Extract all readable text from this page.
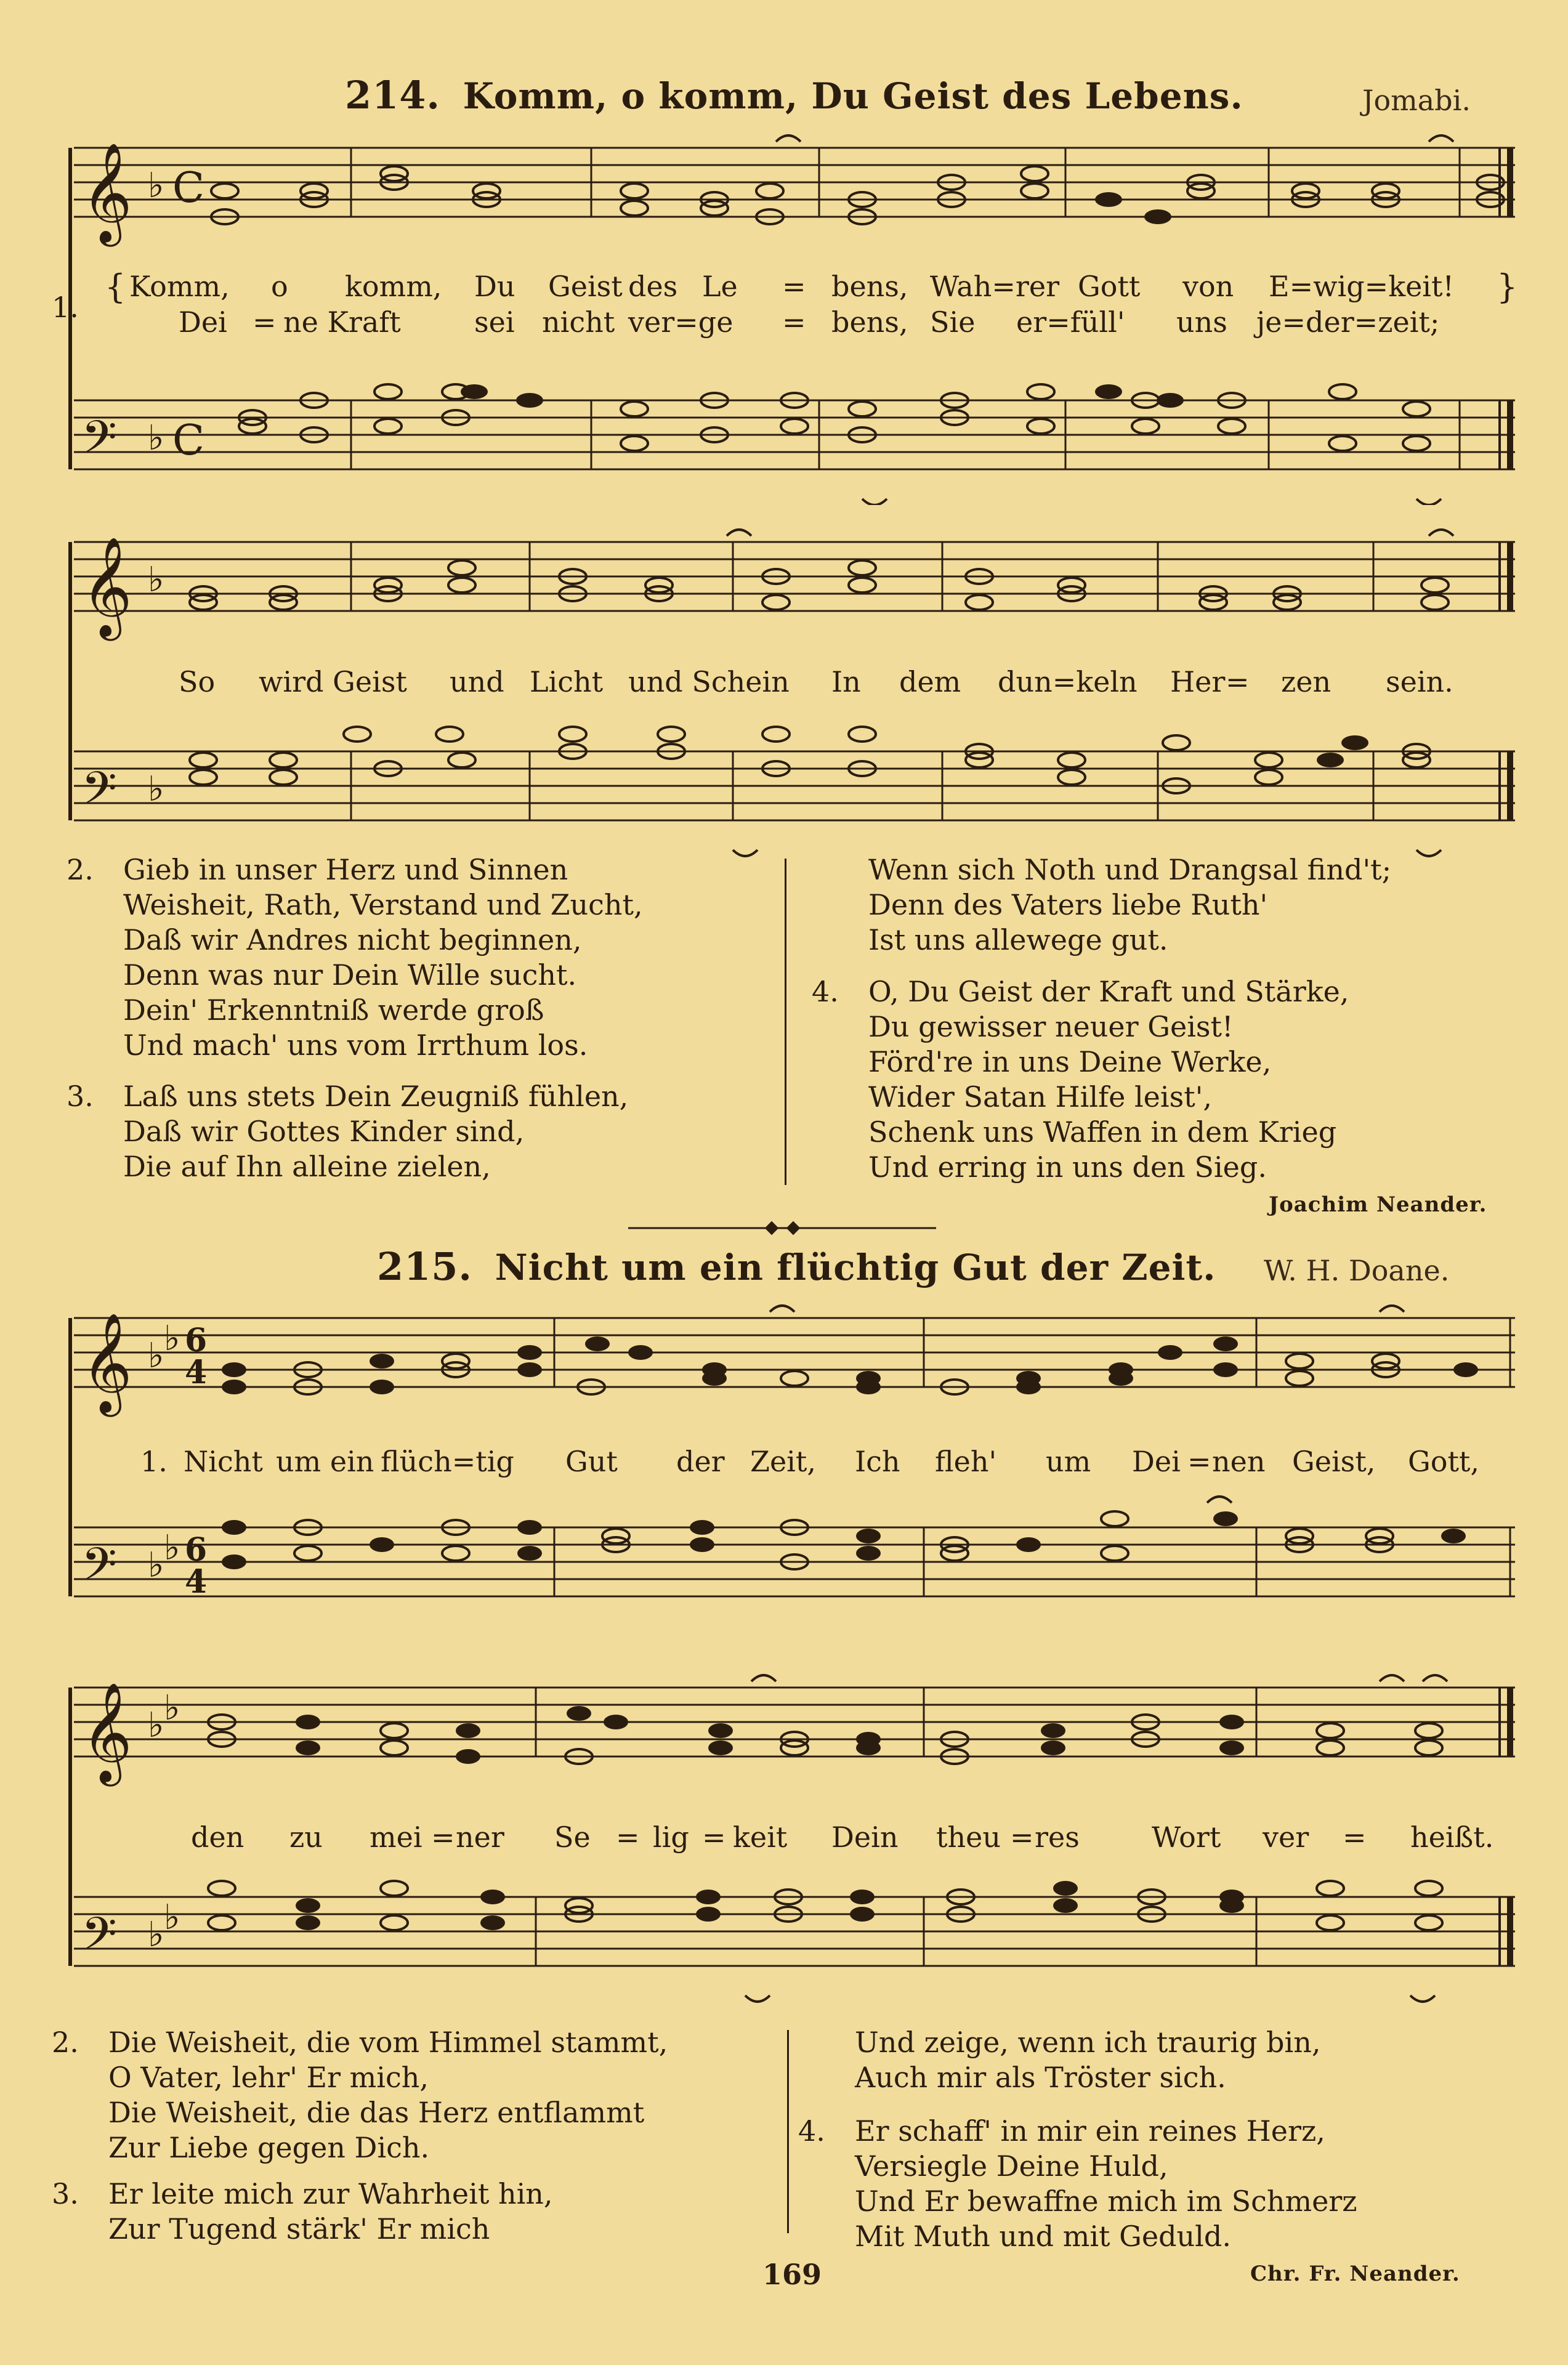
214. Komm, o komm, Du Geist des Lebens.	Jomabi.
𝄞 ♭ C
𝄢 ♭ C
1.
{ Komm, o komm, Du Geist des Le = bens, Wah=rer Gott von E=wig=keit! }
Dei = ne Kraft	sei nicht ver=ge = bens, Sie er=füll' uns je=der=zeit;
𝄞 ♭
𝄢 ♭
So wird Geist und Licht und Schein In dem dun=keln Her = zen sein.
2. Gieb in unser Herz und Sinnen
Weisheit, Rath, Verstand und Zucht,
Daß wir Andres nicht beginnen,
Denn was nur Dein Wille sucht.
Dein' Erkenntniß werde groß
Und mach' uns vom Irrthum los.
3. Laß uns stets Dein Zeugniß fühlen,
Daß wir Gottes Kinder sind,
Die auf Ihn alleine zielen,
Wenn sich Noth und Drangsal find't;
Denn des Vaters liebe Ruth'
Ist uns allewege gut.
4. O, Du Geist der Kraft und Stärke,
Du gewisser neuer Geist!
Förd're in uns Deine Werke,
Wider Satan Hilfe leist',
Schenk uns Waffen in dem Krieg
Und erring in uns den Sieg.
Joachim Neander.
215. Nicht um ein flüchtig Gut der Zeit. W. H. Doane.
𝄞 ♭ ♭ 6
4
𝄢 ♭ ♭ 6
4
1. Nicht um ein flüch=tig Gut der Zeit, Ich fleh' um Dei = nen Geist, Gott,
𝄞 ♭ ♭
𝄢 ♭ ♭
den zu mei = ner Se = lig = keit Dein theu = res	Wort ver = heißt.
2. Die Weisheit, die vom Himmel stammt,
O Vater, lehr' Er mich,
Die Weisheit, die das Herz entflammt
Zur Liebe gegen Dich.
3. Er leite mich zur Wahrheit hin,
Zur Tugend stärk' Er mich
Und zeige, wenn ich traurig bin,
Auch mir als Tröster sich.
4. Er schaff' in mir ein reines Herz,
Versiegle Deine Huld,
Und Er bewaffne mich im Schmerz
Mit Muth und mit Geduld.
169	Chr. Fr. Neander.
